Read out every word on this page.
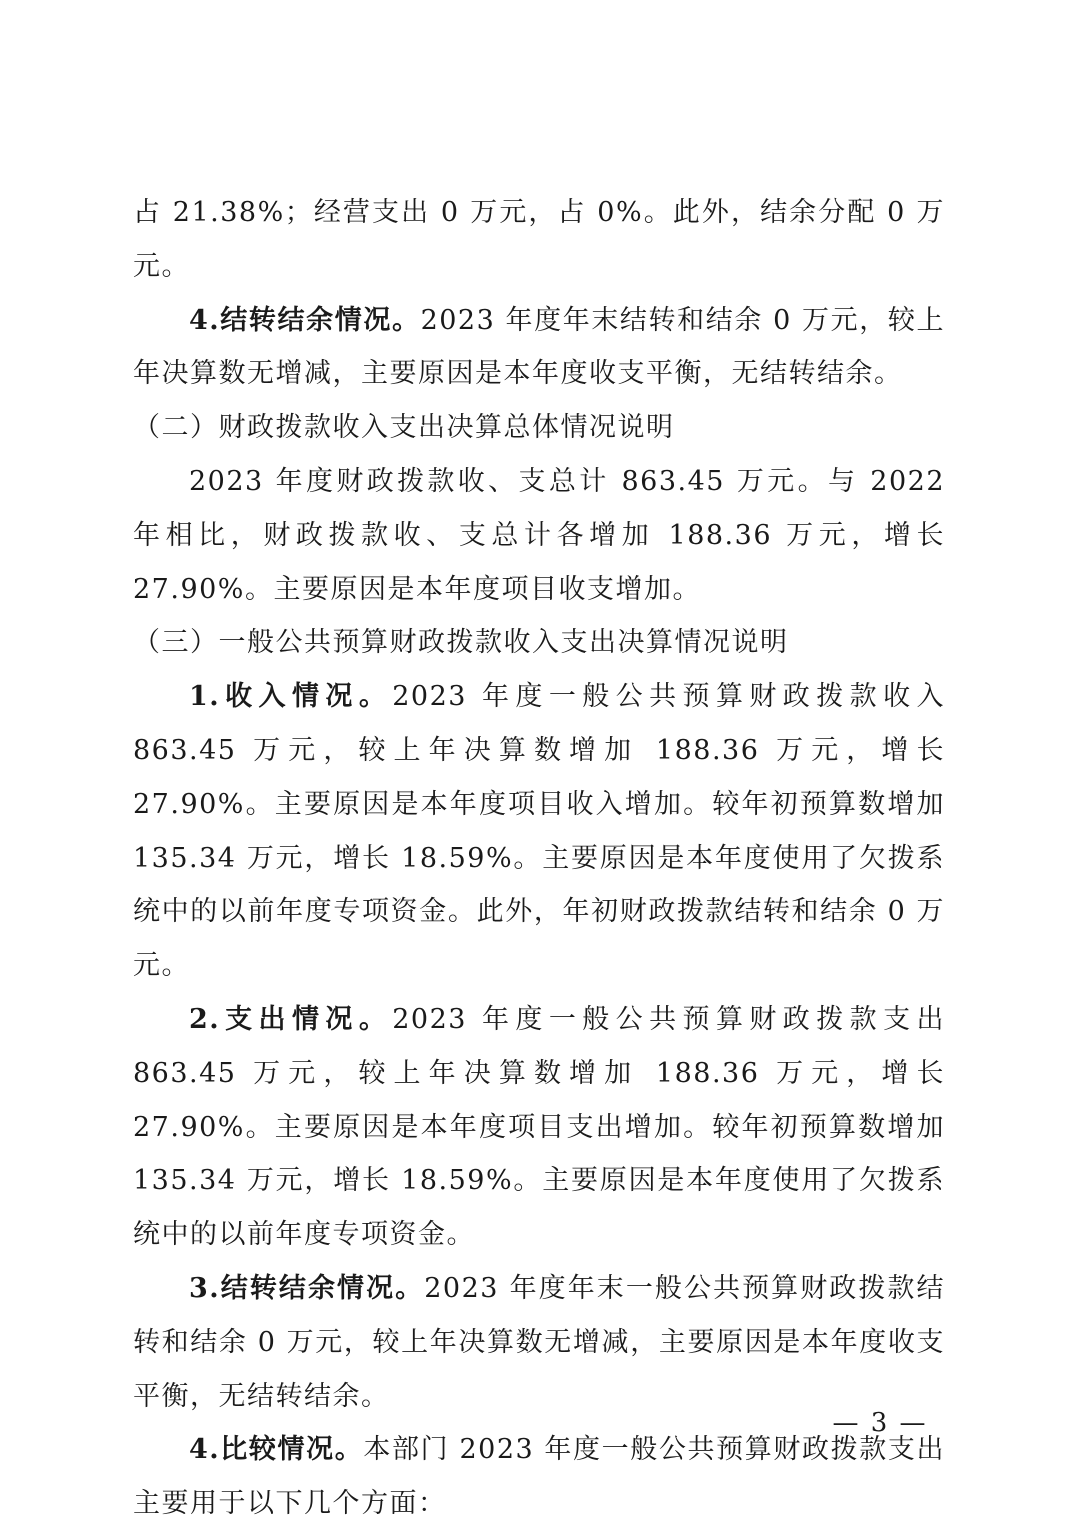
占 21.38%；经营支出 0 万元，占 0%。此外，结余分配 0 万元。

4.结转结余情况。2023 年度年末结转和结余 0 万元，较上年决算数无增减，主要原因是本年度收支平衡，无结转结余。

（二）财政拨款收入支出决算总体情况说明

2023 年度财政拨款收、支总计 863.45 万元。与 2022 年相比，财政拨款收、支总计各增加 188.36 万元，增长 27.90%。主要原因是本年度项目收支增加。

（三）一般公共预算财政拨款收入支出决算情况说明

1.收入情况。2023 年度一般公共预算财政拨款收入 863.45 万元，较上年决算数增加 188.36 万元，增长 27.90%。主要原因是本年度项目收入增加。较年初预算数增加 135.34 万元，增长 18.59%。主要原因是本年度使用了欠拨系统中的以前年度专项资金。此外，年初财政拨款结转和结余 0 万元。

2.支出情况。2023 年度一般公共预算财政拨款支出 863.45 万元，较上年决算数增加 188.36 万元，增长 27.90%。主要原因是本年度项目支出增加。较年初预算数增加 135.34 万元，增长 18.59%。主要原因是本年度使用了欠拨系统中的以前年度专项资金。

3.结转结余情况。2023 年度年末一般公共预算财政拨款结转和结余 0 万元，较上年决算数无增减，主要原因是本年度收支平衡，无结转结余。

4.比较情况。本部门 2023 年度一般公共预算财政拨款支出主要用于以下几个方面：

— 3 —
